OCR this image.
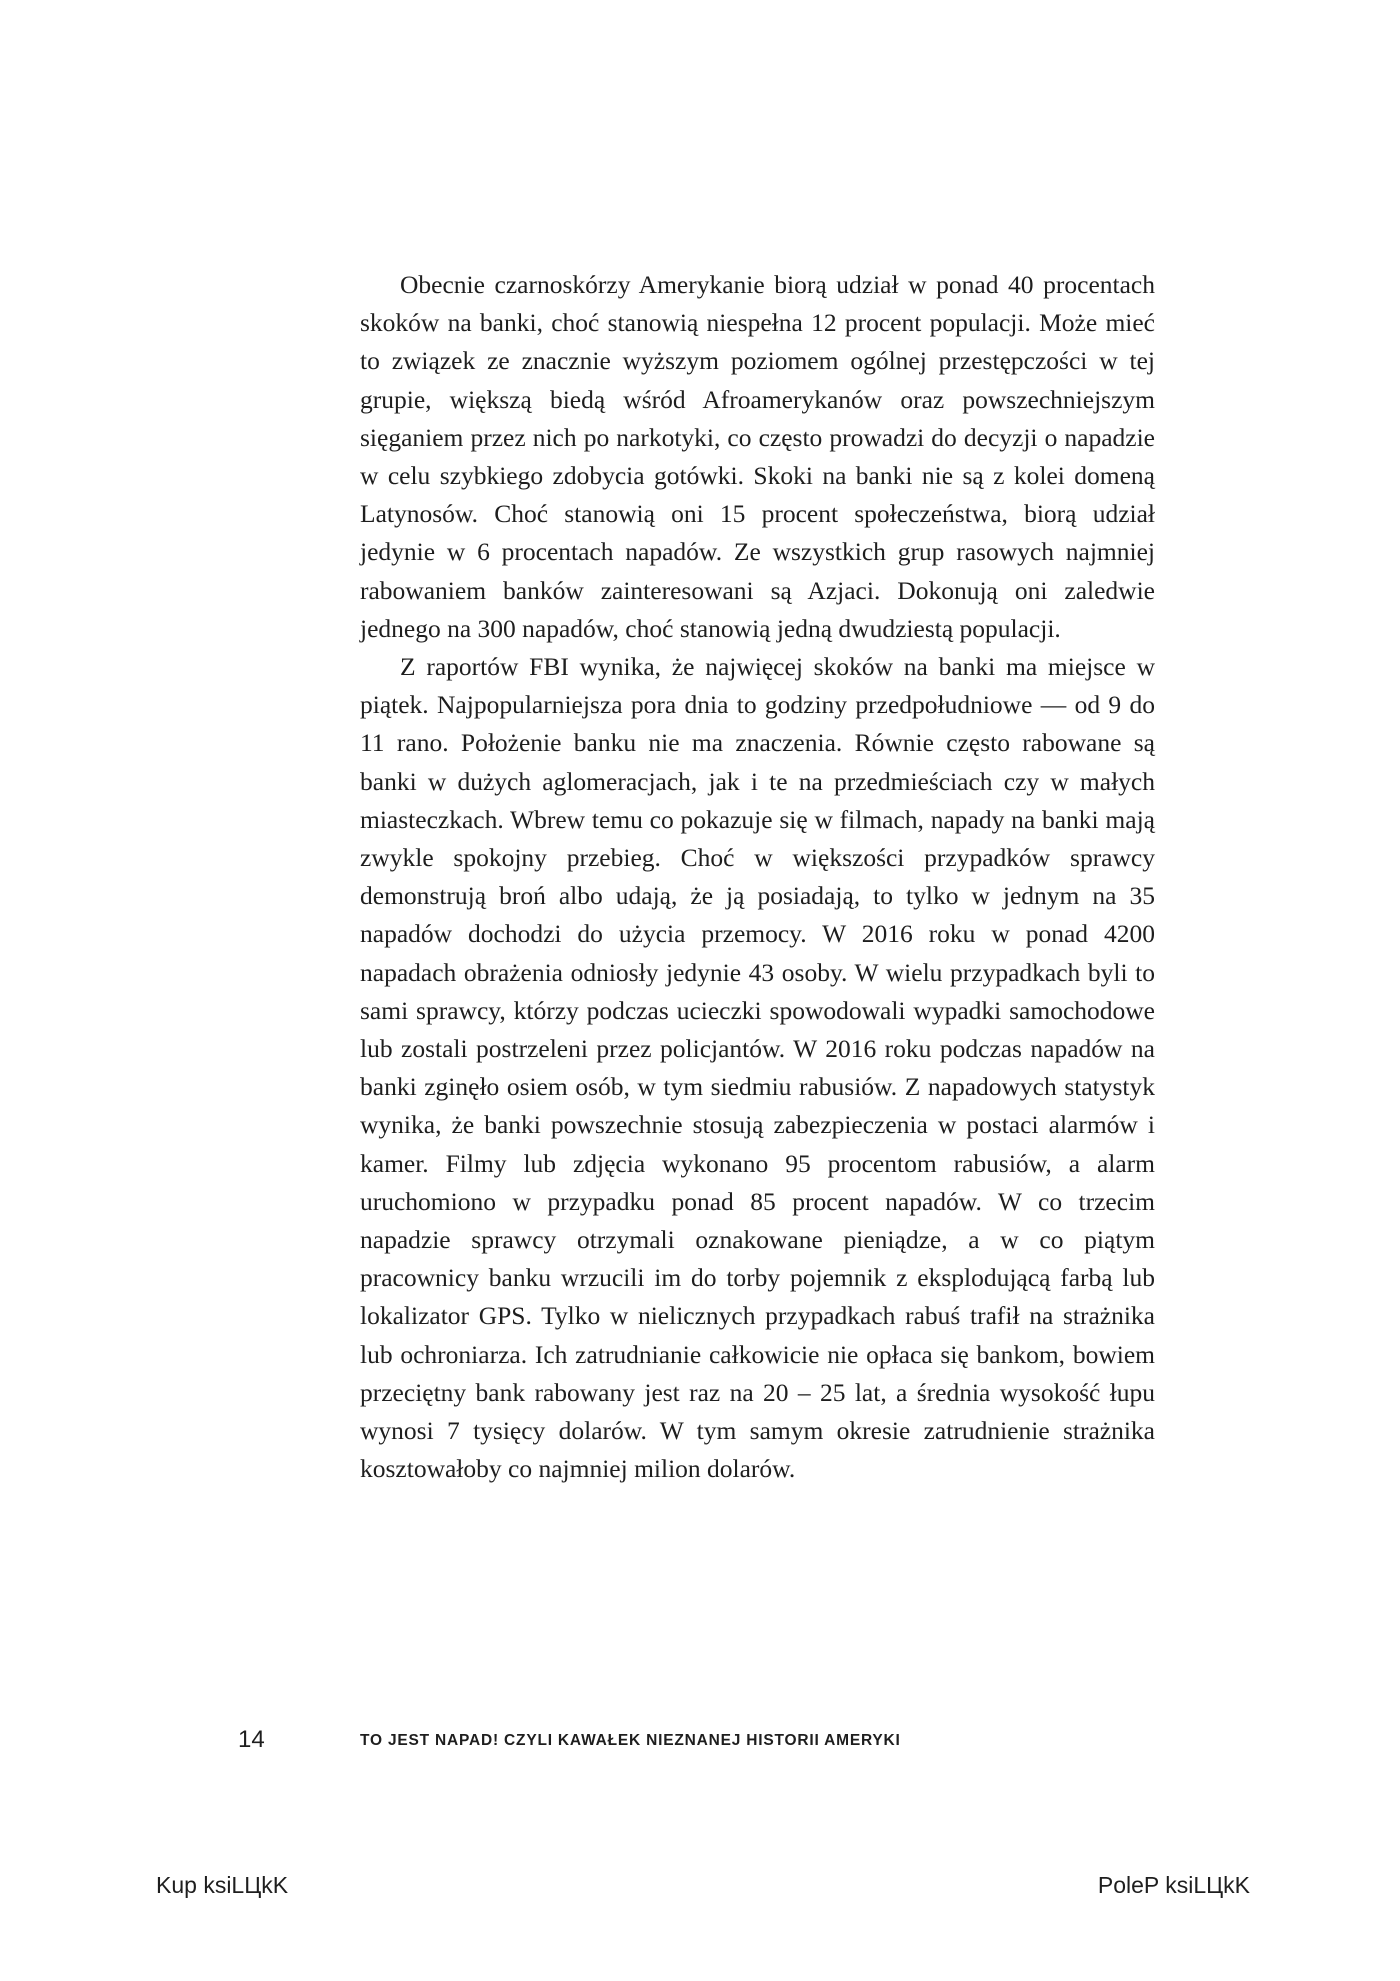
Obecnie czarnoskórzy Amerykanie biorą udział w ponad 40 procentach skoków na banki, choć stanowią niespełna 12 procent populacji. Może mieć to związek ze znacznie wyższym poziomem ogólnej przestępczości w tej grupie, większą biedą wśród Afroamerykanów oraz powszechniejszym sięganiem przez nich po narkotyki, co często prowadzi do decyzji o napadzie w celu szybkiego zdobycia gotówki. Skoki na banki nie są z kolei domeną Latynosów. Choć stanowią oni 15 procent społeczeństwa, biorą udział jedynie w 6 procentach napadów. Ze wszystkich grup rasowych najmniej rabowaniem banków zainteresowani są Azjaci. Dokonują oni zaledwie jednego na 300 napadów, choć stanowią jedną dwudziestą populacji.

Z raportów FBI wynika, że najwięcej skoków na banki ma miejsce w piątek. Najpopularniejsza pora dnia to godziny przedpołudniowe — od 9 do 11 rano. Położenie banku nie ma znaczenia. Równie często rabowane są banki w dużych aglomeracjach, jak i te na przedmieściach czy w małych miasteczkach. Wbrew temu co pokazuje się w filmach, napady na banki mają zwykle spokojny przebieg. Choć w większości przypadków sprawcy demonstrują broń albo udają, że ją posiadają, to tylko w jednym na 35 napadów dochodzi do użycia przemocy. W 2016 roku w ponad 4200 napadach obrażenia odniosły jedynie 43 osoby. W wielu przypadkach byli to sami sprawcy, którzy podczas ucieczki spowodowali wypadki samochodowe lub zostali postrzeleni przez policjantów. W 2016 roku podczas napadów na banki zginęło osiem osób, w tym siedmiu rabusiów. Z napadowych statystyk wynika, że banki powszechnie stosują zabezpieczenia w postaci alarmów i kamer. Filmy lub zdjęcia wykonano 95 procentom rabusiów, a alarm uruchomiono w przypadku ponad 85 procent napadów. W co trzecim napadzie sprawcy otrzymali oznakowane pieniądze, a w co piątym pracownicy banku wrzucili im do torby pojemnik z eksplodującą farbą lub lokalizator GPS. Tylko w nielicznych przypadkach rabuś trafił na strażnika lub ochroniarza. Ich zatrudnianie całkowicie nie opłaca się bankom, bowiem przeciętny bank rabowany jest raz na 20 – 25 lat, a średnia wysokość łupu wynosi 7 tysięcy dolarów. W tym samym okresie zatrudnienie strażnika kosztowałoby co najmniej milion dolarów.

14	TO JEST NAPAD! CZYLI KAWAŁEK NIEZNANEJ HISTORII AMERYKI
Kup ksiLЦkK	PoleP ksiLЦkK
